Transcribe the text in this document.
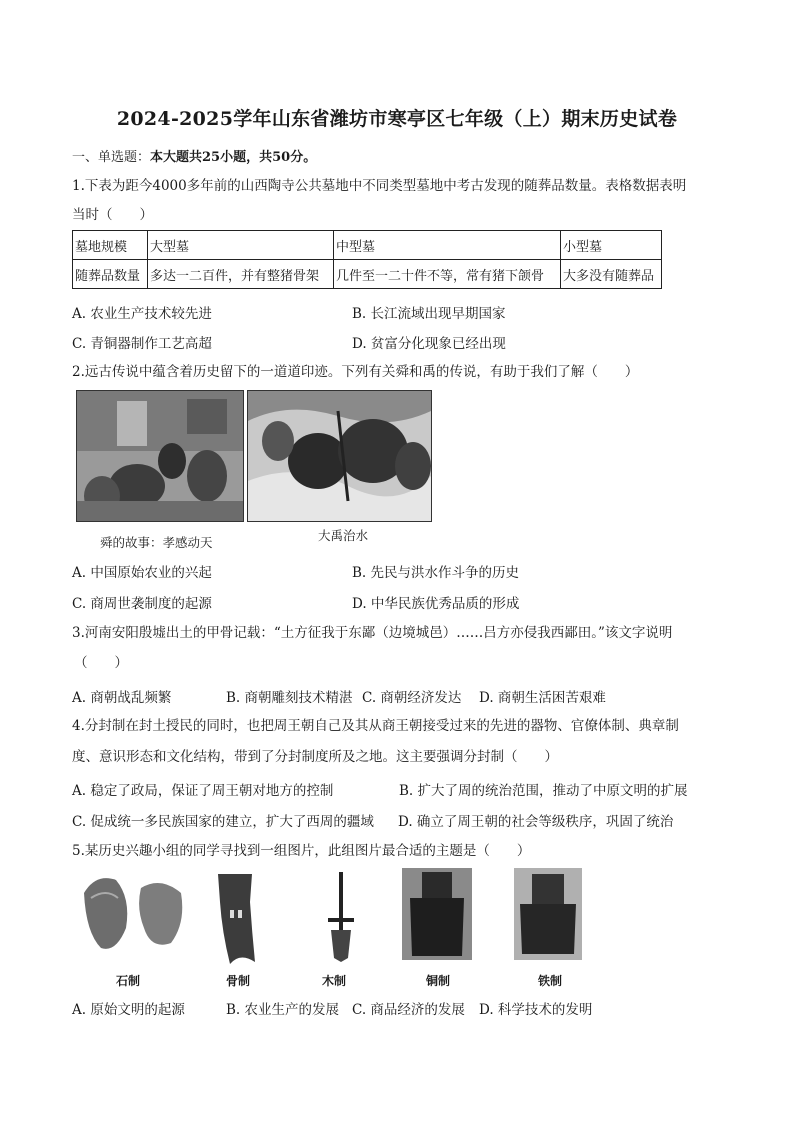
2024-2025学年山东省潍坊市寒亭区七年级（上）期末历史试卷
一、单选题：本大题共25小题，共50分。
1.下表为距今4000多年前的山西陶寺公共墓地中不同类型墓地中考古发现的随葬品数量。表格数据表明
当时（　　）
墓地规模	大型墓	中型墓	小型墓
随葬品数量	多达一二百件，并有整猪骨架	几件至一二十件不等，常有猪下颌骨	大多没有随葬品
A. 农业生产技术较先进	B. 长江流域出现早期国家
C. 青铜器制作工艺高超	D. 贫富分化现象已经出现
2.远古传说中蕴含着历史留下的一道道印迹。下列有关舜和禹的传说，有助于我们了解（　　）
舜的故事：孝感动天	大禹治水
A. 中国原始农业的兴起	B. 先民与洪水作斗争的历史
C. 商周世袭制度的起源	D. 中华民族优秀品质的形成
3.河南安阳殷墟出土的甲骨记载：“土方征我于东鄙（边境城邑）……吕方亦侵我西鄙田。”该文字说明
（　　）
A. 商朝战乱频繁	B. 商朝雕刻技术精湛 C. 商朝经济发达 D. 商朝生活困苦艰难
4.分封制在封土授民的同时，也把周王朝自己及其从商王朝接受过来的先进的器物、官僚体制、典章制
度、意识形态和文化结构，带到了分封制度所及之地。这主要强调分封制（　　）
A. 稳定了政局，保证了周王朝对地方的控制	B. 扩大了周的统治范围，推动了中原文明的扩展
C. 促成统一多民族国家的建立，扩大了西周的疆域 D. 确立了周王朝的社会等级秩序，巩固了统治
5.某历史兴趣小组的同学寻找到一组图片，此组图片最合适的主题是（　　）
石制	骨制	木制	铜制	铁制
A. 原始文明的起源	B. 农业生产的发展 C. 商品经济的发展 D. 科学技术的发明
